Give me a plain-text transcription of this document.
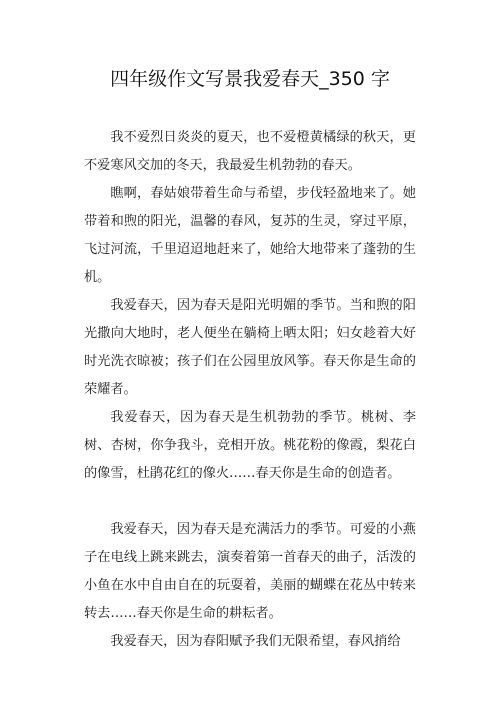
四年级作文写景我爱春天_350 字

我不爱烈日炎炎的夏天，也不爱橙黄橘绿的秋天，更不爱寒风交加的冬天，我最爱生机勃勃的春天。

瞧啊，春姑娘带着生命与希望，步伐轻盈地来了。她带着和煦的阳光，温馨的春风，复苏的生灵，穿过平原，飞过河流，千里迢迢地赶来了，她给大地带来了蓬勃的生机。

我爱春天，因为春天是阳光明媚的季节。当和煦的阳光撒向大地时，老人便坐在躺椅上晒太阳；妇女趁着大好时光洗衣晾被；孩子们在公园里放风筝。春天你是生命的荣耀者。

我爱春天，因为春天是生机勃勃的季节。桃树、李树、杏树，你争我斗，竞相开放。桃花粉的像霞，梨花白的像雪，杜鹃花红的像火……春天你是生命的创造者。

我爱春天，因为春天是充满活力的季节。可爱的小燕子在电线上跳来跳去，演奏着第一首春天的曲子，活泼的小鱼在水中自由自在的玩耍着，美丽的蝴蝶在花丛中转来转去……春天你是生命的耕耘者。

我爱春天，因为春阳赋予我们无限希望，春风捎给
